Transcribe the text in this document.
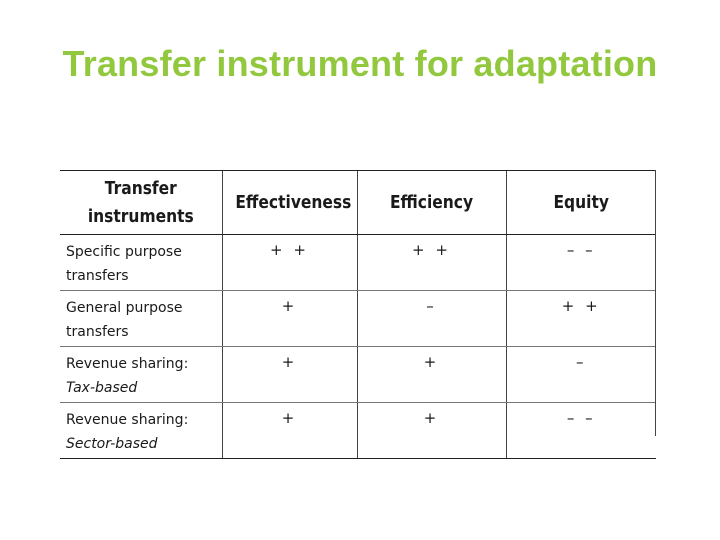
Transfer instrument for adaptation
Transfer
instruments	Effectiveness	Efficiency	Equity

Specific purpose
transfers	+ +	+ +	– –

General purpose
transfers	+	–	+ +

Revenue sharing:
Tax-based	+	+	–

Revenue sharing:
Sector-based	+	+	– –
